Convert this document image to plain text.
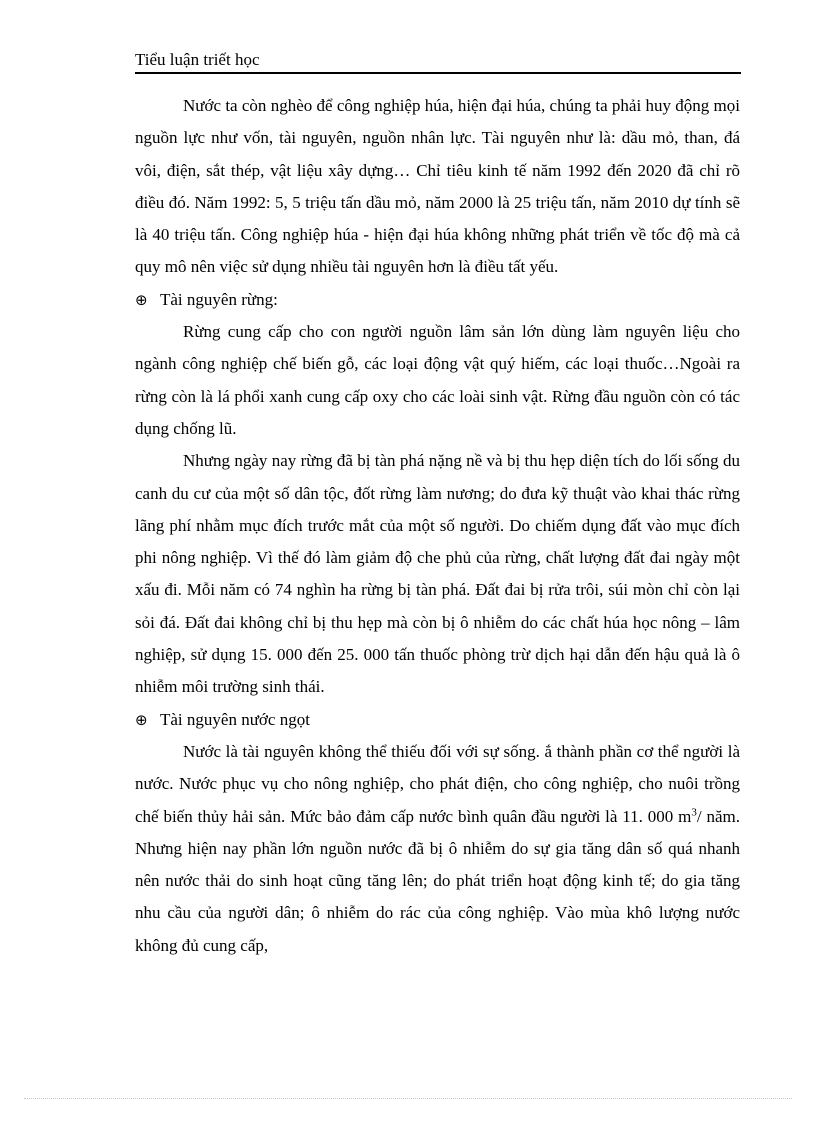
Tiểu luận triết học

Nước ta còn nghèo để công nghiệp húa, hiện đại húa, chúng ta phải huy động mọi nguồn lực như vốn, tài nguyên, nguồn nhân lực. Tài nguyên như là: dầu mỏ, than, đá vôi, điện, sắt thép, vật liệu xây dựng… Chỉ tiêu kinh tế năm 1992 đến 2020 đã chỉ rõ điều đó. Năm 1992: 5, 5 triệu tấn dầu mỏ, năm 2000 là 25 triệu tấn, năm 2010 dự tính sẽ là 40 triệu tấn. Công nghiệp húa - hiện đại húa không những phát triển về tốc độ mà cả quy mô nên việc sử dụng nhiều tài nguyên hơn là điều tất yếu.

⊕ Tài nguyên rừng:

Rừng cung cấp cho con người nguồn lâm sản lớn dùng làm nguyên liệu cho ngành công nghiệp chế biến gỗ, các loại động vật quý hiếm, các loại thuốc…Ngoài ra rừng còn là lá phổi xanh cung cấp oxy cho các loài sinh vật. Rừng đầu nguồn còn có tác dụng chống lũ.

Nhưng ngày nay rừng đã bị tàn phá nặng nề và bị thu hẹp diện tích do lối sống du canh du cư của một số dân tộc, đốt rừng làm nương; do đưa kỹ thuật vào khai thác rừng lãng phí nhằm mục đích trước mắt của một số người. Do chiếm dụng đất vào mục đích phi nông nghiệp. Vì thế đó làm giảm độ che phủ của rừng, chất lượng đất đai ngày một xấu đi. Mỗi năm có 74 nghìn ha rừng bị tàn phá. Đất đai bị rửa trôi, súi mòn chỉ còn lại sỏi đá. Đất đai không chỉ bị thu hẹp mà còn bị ô nhiễm do các chất húa học nông – lâm nghiệp, sử dụng 15. 000 đến 25. 000 tấn thuốc phòng trừ dịch hại dẫn đến hậu quả là ô nhiễm môi trường sinh thái.

⊕ Tài nguyên nước ngọt

Nước là tài nguyên không thể thiếu đối với sự sống. ắ thành phần cơ thể người là nước. Nước phục vụ cho nông nghiệp, cho phát điện, cho công nghiệp, cho nuôi trồng chế biến thủy hải sản. Mức bảo đảm cấp nước bình quân đầu người là 11. 000 $m^3/$ năm. Nhưng hiện nay phần lớn nguồn nước đã bị ô nhiễm do sự gia tăng dân số quá nhanh nên nước thải do sinh hoạt cũng tăng lên; do phát triển hoạt động kinh tế; do gia tăng nhu cầu của người dân; ô nhiễm do rác của công nghiệp. Vào mùa khô lượng nước không đủ cung cấp,
